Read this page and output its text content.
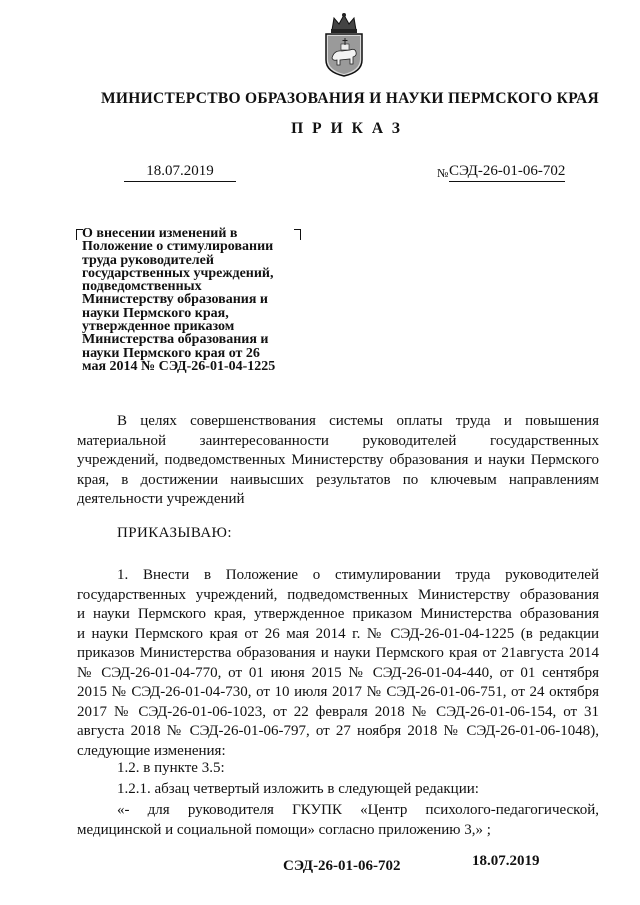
МИНИСТЕРСТВО ОБРАЗОВАНИЯ И НАУКИ ПЕРМСКОГО КРАЯ
ПРИКАЗ
18.07.2019	№ СЭД-26-01-06-702
О внесении изменений в
Положение о стимулировании
труда руководителей
государственных учреждений,
подведомственных
Министерству образования и
науки Пермского края,
утвержденное приказом
Министерства образования и
науки Пермского края от 26
мая 2014 № СЭД-26-01-04-1225
В целях совершенствования системы оплаты труда и повышения
материальной заинтересованности руководителей государственных
учреждений, подведомственных Министерству образования и науки Пермского
края, в достижении наивысших результатов по ключевым направлениям
деятельности учреждений
ПРИКАЗЫВАЮ:
1. Внести в Положение о стимулировании труда руководителей
государственных учреждений, подведомственных Министерству образования
и науки Пермского края, утвержденное приказом Министерства образования
и науки Пермского края от 26 мая 2014 г. № СЭД-26-01-04-1225 (в редакции
приказов Министерства образования и науки Пермского края от 21августа 2014
№ СЭД-26-01-04-770, от 01 июня 2015 № СЭД-26-01-04-440, от 01 сентября
2015 № СЭД-26-01-04-730, от 10 июля 2017 № СЭД-26-01-06-751, от 24 октября
2017 № СЭД-26-01-06-1023, от 22 февраля 2018 № СЭД-26-01-06-154, от 31
августа 2018 № СЭД-26-01-06-797, от 27 ноября 2018 № СЭД-26-01-06-1048),
следующие изменения:
1.2. в пункте 3.5:
1.2.1. абзац четвертый изложить в следующей редакции:
«- для руководителя ГКУПК «Центр психолого-педагогической,
медицинской и социальной помощи» согласно приложению 3,» ;
СЭД-26-01-06-702	18.07.2019
